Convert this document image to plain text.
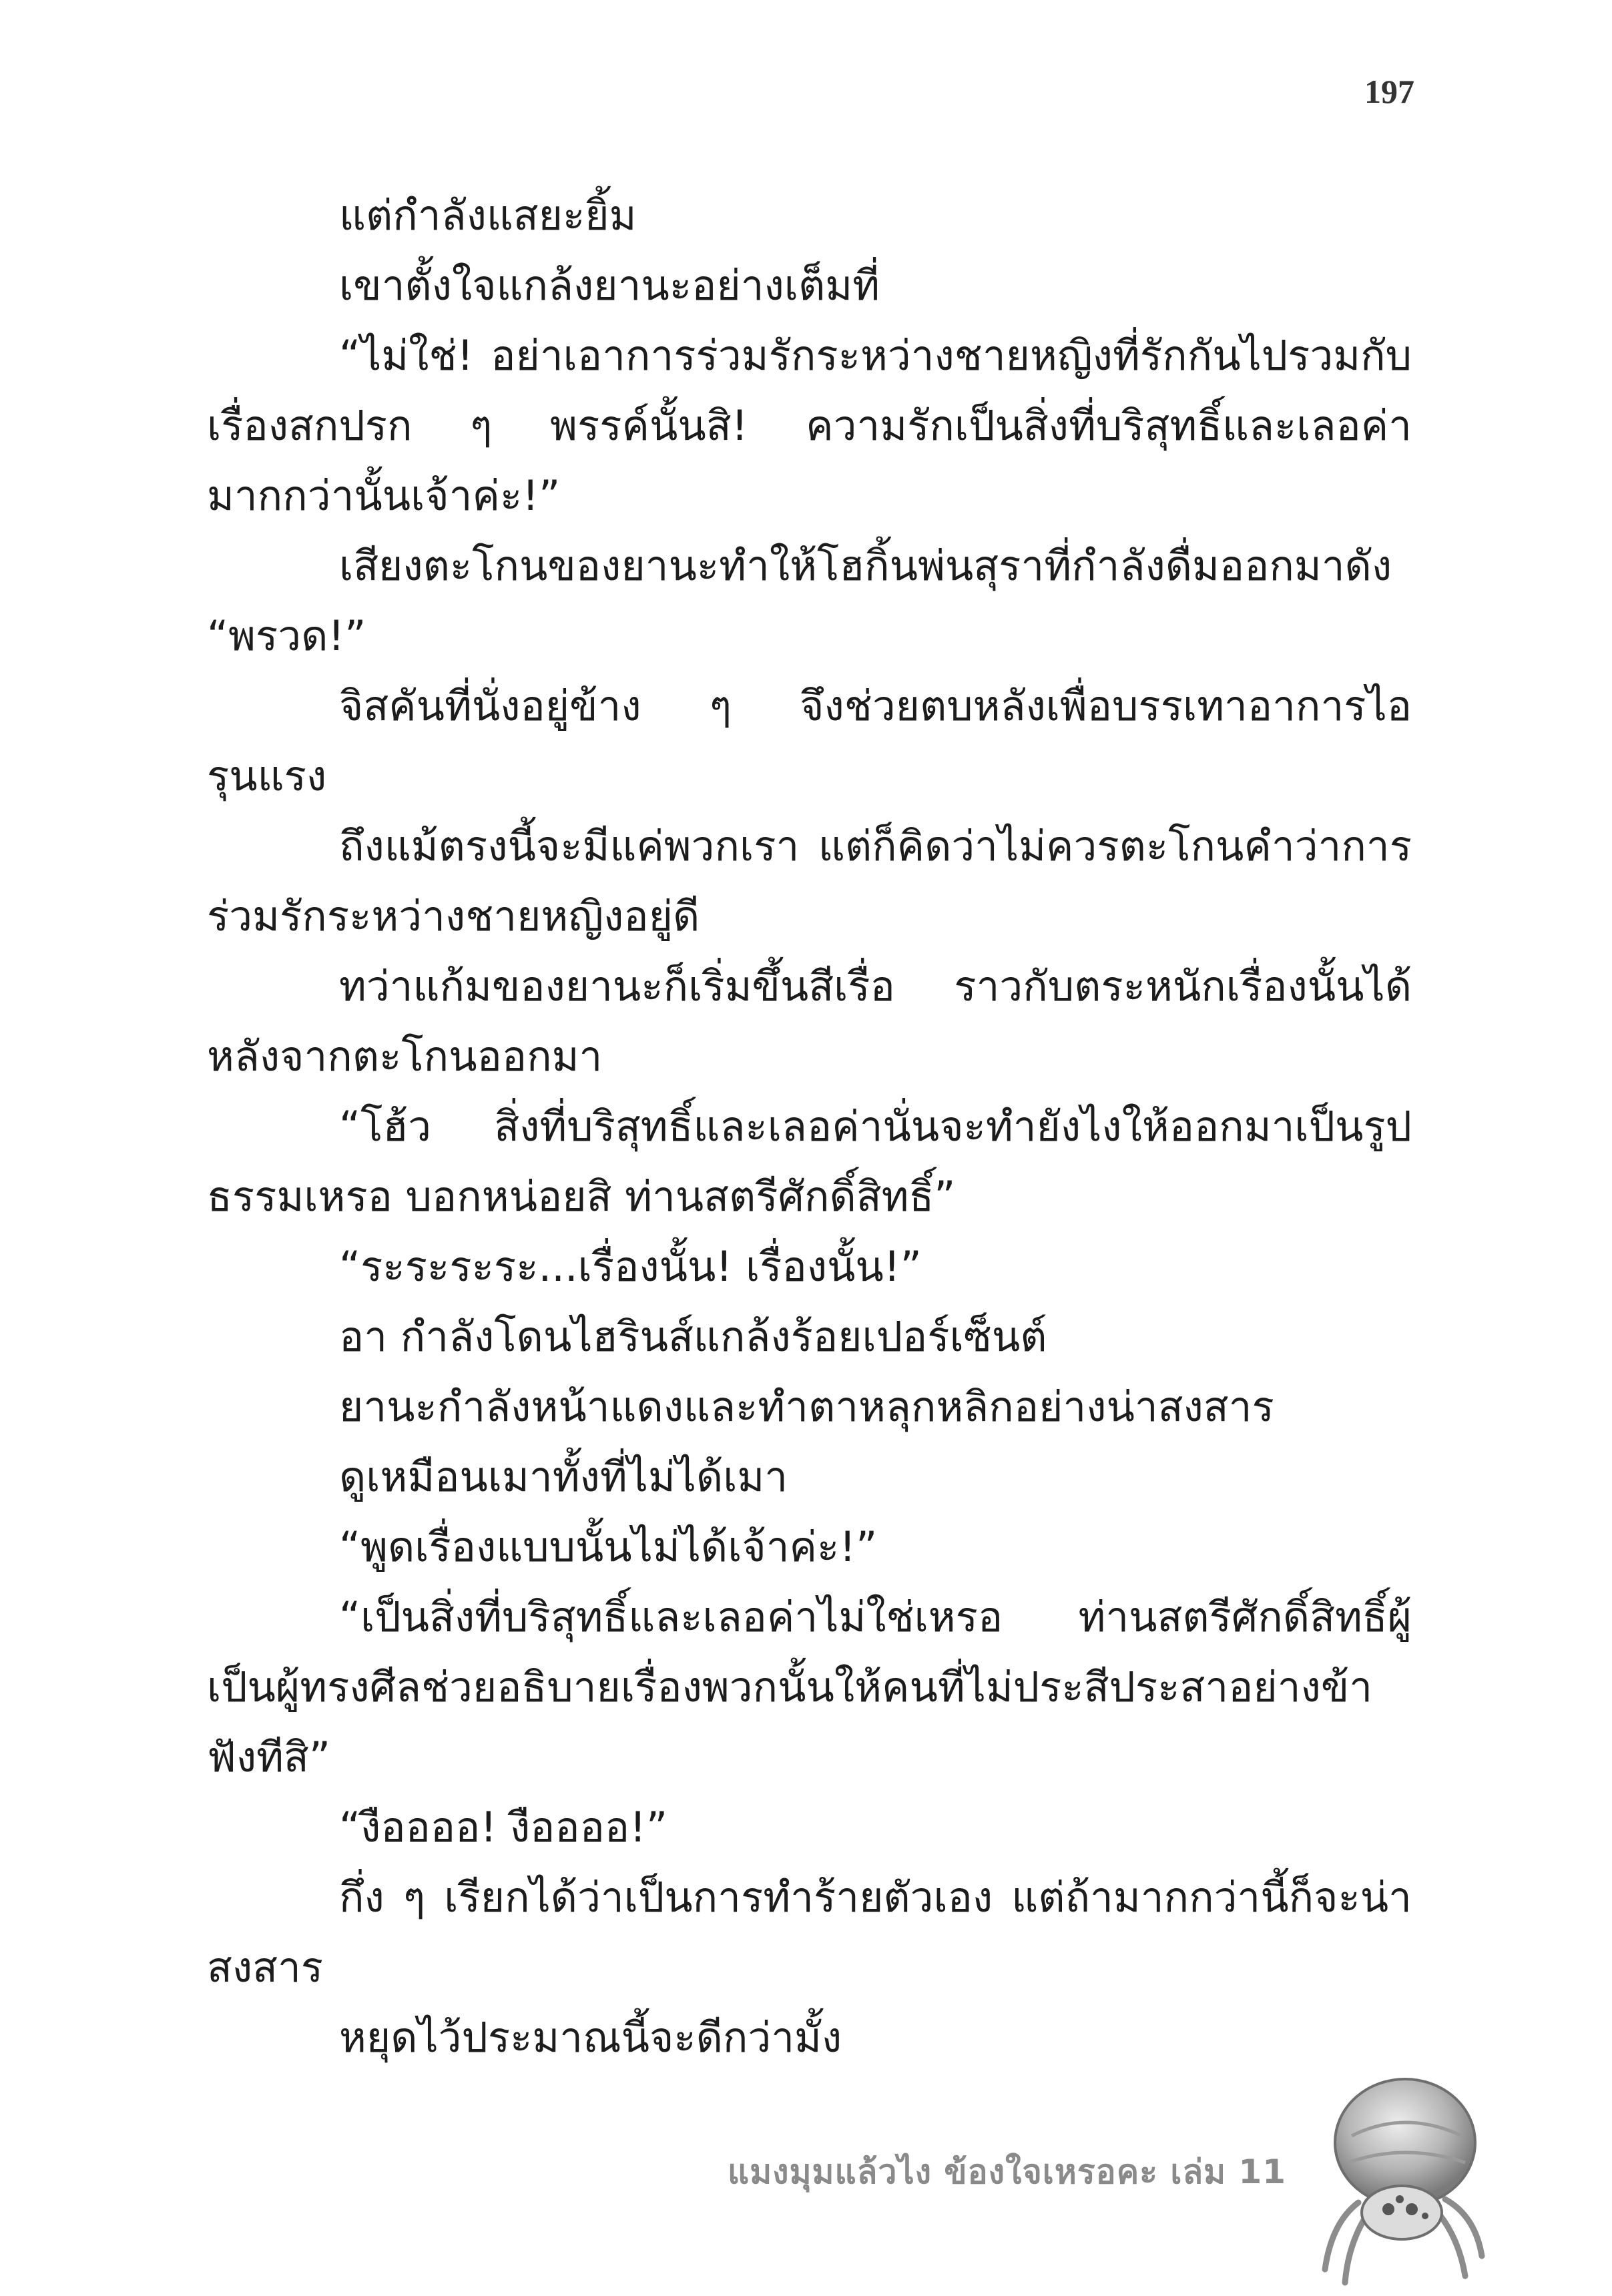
197

แต่กำลังแสยะยิ้ม

เขาตั้งใจแกล้งยานะอย่างเต็มที่

“ไม่ใช่! อย่าเอาการร่วมรักระหว่างชายหญิงที่รักกันไปรวมกับเรื่องสกปรก ๆ พรรค์นั้นสิ! ความรักเป็นสิ่งที่บริสุทธิ์และเลอค่ามากกว่านั้นเจ้าค่ะ!”

เสียงตะโกนของยานะทำให้โฮกิ้นพ่นสุราที่กำลังดื่มออกมาดัง “พรวด!”

จิสคันที่นั่งอยู่ข้าง ๆ จึงช่วยตบหลังเพื่อบรรเทาอาการไอรุนแรง

ถึงแม้ตรงนี้จะมีแค่พวกเรา แต่ก็คิดว่าไม่ควรตะโกนคำว่าการร่วมรักระหว่างชายหญิงอยู่ดี

ทว่าแก้มของยานะก็เริ่มขึ้นสีเรื่อ ราวกับตระหนักเรื่องนั้นได้หลังจากตะโกนออกมา

“โฮ้ว สิ่งที่บริสุทธิ์และเลอค่านั่นจะทำยังไงให้ออกมาเป็นรูปธรรมเหรอ บอกหน่อยสิ ท่านสตรีศักดิ์สิทธิ์”

“ระระระระ...เรื่องนั้น! เรื่องนั้น!”

อา กำลังโดนไฮรินส์แกล้งร้อยเปอร์เซ็นต์

ยานะกำลังหน้าแดงและทำตาหลุกหลิกอย่างน่าสงสาร

ดูเหมือนเมาทั้งที่ไม่ได้เมา

“พูดเรื่องแบบนั้นไม่ได้เจ้าค่ะ!”

“เป็นสิ่งที่บริสุทธิ์และเลอค่าไม่ใช่เหรอ ท่านสตรีศักดิ์สิทธิ์ผู้เป็นผู้ทรงศีลช่วยอธิบายเรื่องพวกนั้นให้คนที่ไม่ประสีประสาอย่างข้าฟังทีสิ”

“งืออออ! งืออออ!”

กึ่ง ๆ เรียกได้ว่าเป็นการทำร้ายตัวเอง แต่ถ้ามากกว่านี้ก็จะน่าสงสาร

หยุดไว้ประมาณนี้จะดีกว่ามั้ง

แมงมุมแล้วไง ข้องใจเหรอคะ เล่ม 11
